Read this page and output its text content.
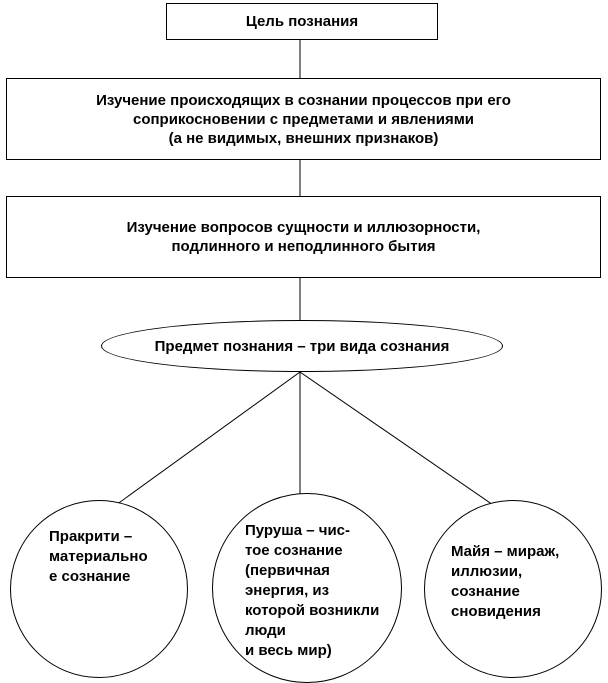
Цель познания
Изучение происходящих в сознании процессов при его
соприкосновении с предметами и явлениями
(а не видимых, внешних признаков)
Изучение вопросов сущности и иллюзорности,
подлинного и неподлинного бытия
Предмет познания – три вида сознания
Пракрити –
материально
е сознание
Пуруша – чис-
тое сознание
(первичная
энергия, из
которой возникли
люди
и весь мир)
Майя – мираж,
иллюзии,
сознание
сновидения
